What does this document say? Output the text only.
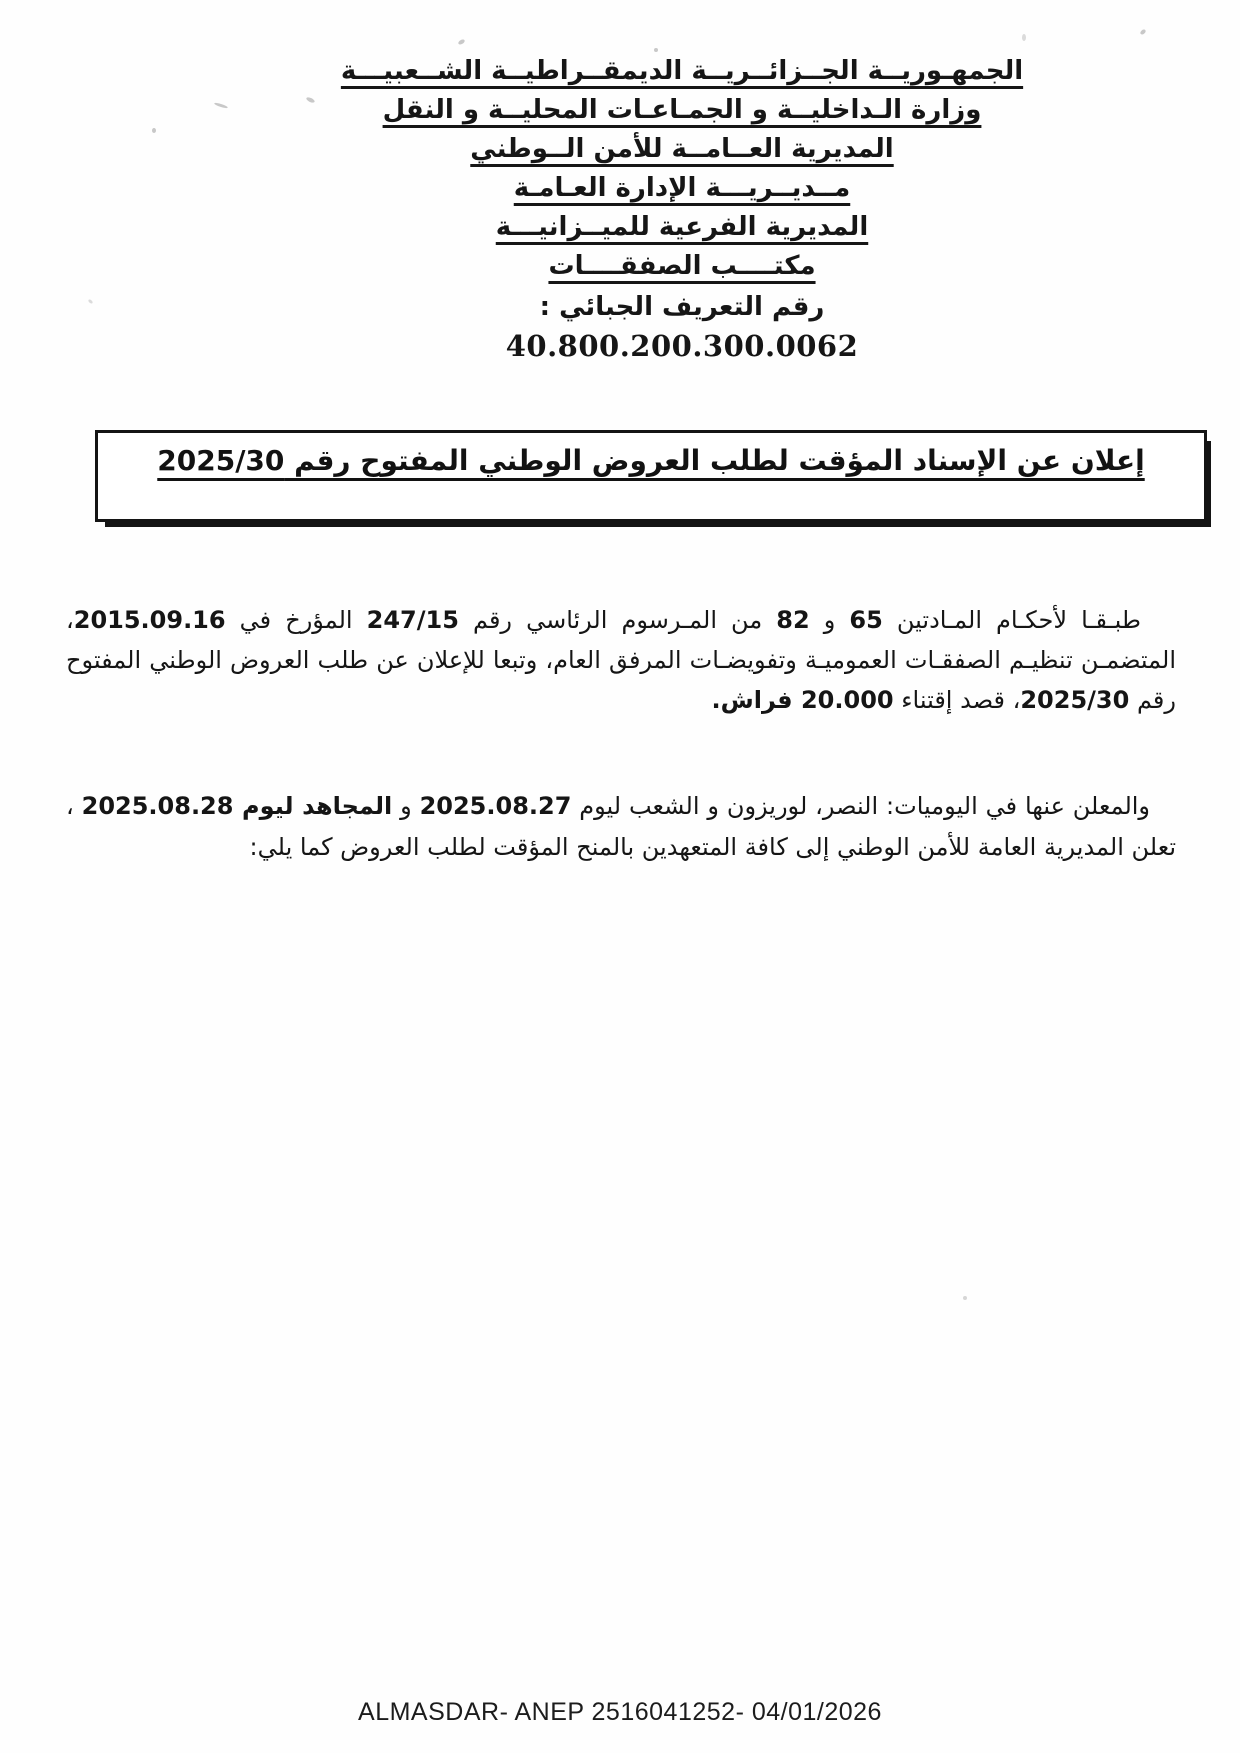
الجمهـوريــة الجــزائــريــة الديمقــراطيــة الشــعبيـــة
وزارة الـداخليــة و الجمـاعـات المحليــة و النقل
المديرية العــامــة للأمن الــوطني
مــديــريـــة الإدارة العـامـة
المديرية الفرعية للميــزانيـــة
مكتــــب الصفقــــات
رقم التعريف الجبائي :
40.800.200.300.0062
إعلان عن الإسناد المؤقت لطلب العروض الوطني المفتوح رقم 2025/30

طبـقـا لأحكـام المـادتين 65 و 82 من المـرسوم الرئاسي رقم 247/15 المؤرخ في 2015.09.16، المتضمـن تنظيـم الصفقـات العموميـة وتفويضـات المرفق العام، وتبعا للإعلان عن طلب العروض الوطني المفتوح رقم 2025/30، قصد إقتناء 20.000 فراش.

والمعلن عنها في اليوميات: النصر، لوريزون و الشعب ليوم 2025.08.27 و المجاهد ليوم 2025.08.28 ، تعلن المديرية العامة للأمن الوطني إلى كافة المتعهدين بالمنح المؤقت لطلب العروض كما يلي:

ALMASDAR- ANEP 2516041252- 04/01/2026
